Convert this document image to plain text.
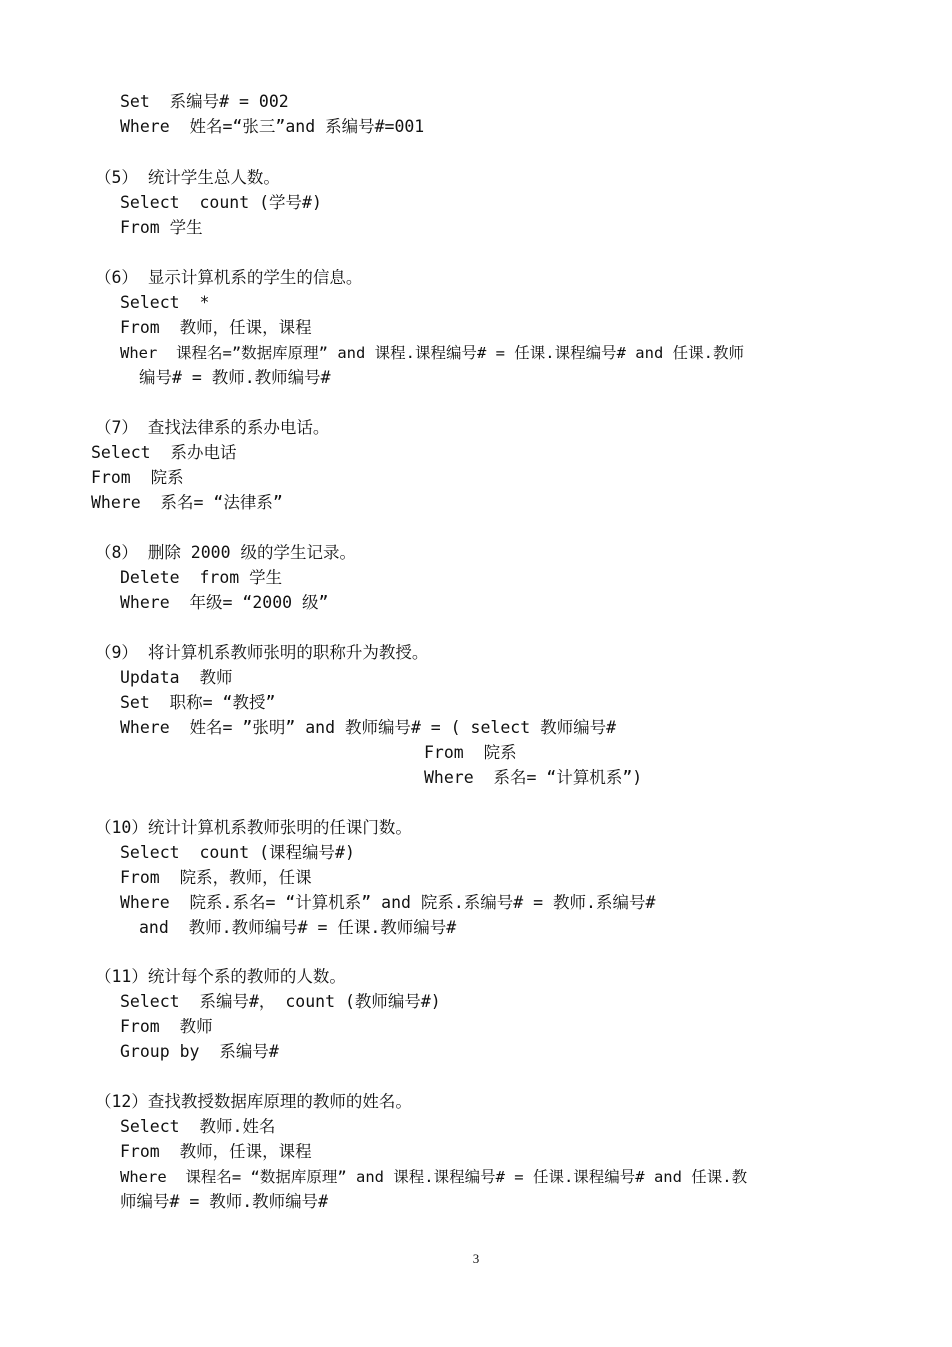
Set  系编号# = 002
Where  姓名=“张三”and 系编号#=001
（5） 统计学生总人数。
Select  count (学号#)
From 学生
（6） 显示计算机系的学生的信息。
Select  *
From  教师，任课，课程
Wher  课程名=”数据库原理” and 课程.课程编号# = 任课.课程编号# and 任课.教师
编号# = 教师.教师编号#
（7） 查找法律系的系办电话。
Select  系办电话
From  院系
Where  系名= “法律系”
（8） 删除 2000 级的学生记录。
Delete  from 学生
Where  年级= “2000 级”
（9） 将计算机系教师张明的职称升为教授。
Updata  教师
Set  职称= “教授”
Where  姓名= ”张明” and 教师编号# = ( select 教师编号#
From  院系
Where  系名= “计算机系”)
（10）统计计算机系教师张明的任课门数。
Select  count (课程编号#)
From  院系，教师，任课
Where  院系.系名= “计算机系” and 院系.系编号# = 教师.系编号#
and  教师.教师编号# = 任课.教师编号#
（11）统计每个系的教师的人数。
Select  系编号#， count (教师编号#)
From  教师
Group by  系编号#
（12）查找教授数据库原理的教师的姓名。
Select  教师.姓名
From  教师，任课，课程
Where  课程名= “数据库原理” and 课程.课程编号# = 任课.课程编号# and 任课.教
师编号# = 教师.教师编号#
3
